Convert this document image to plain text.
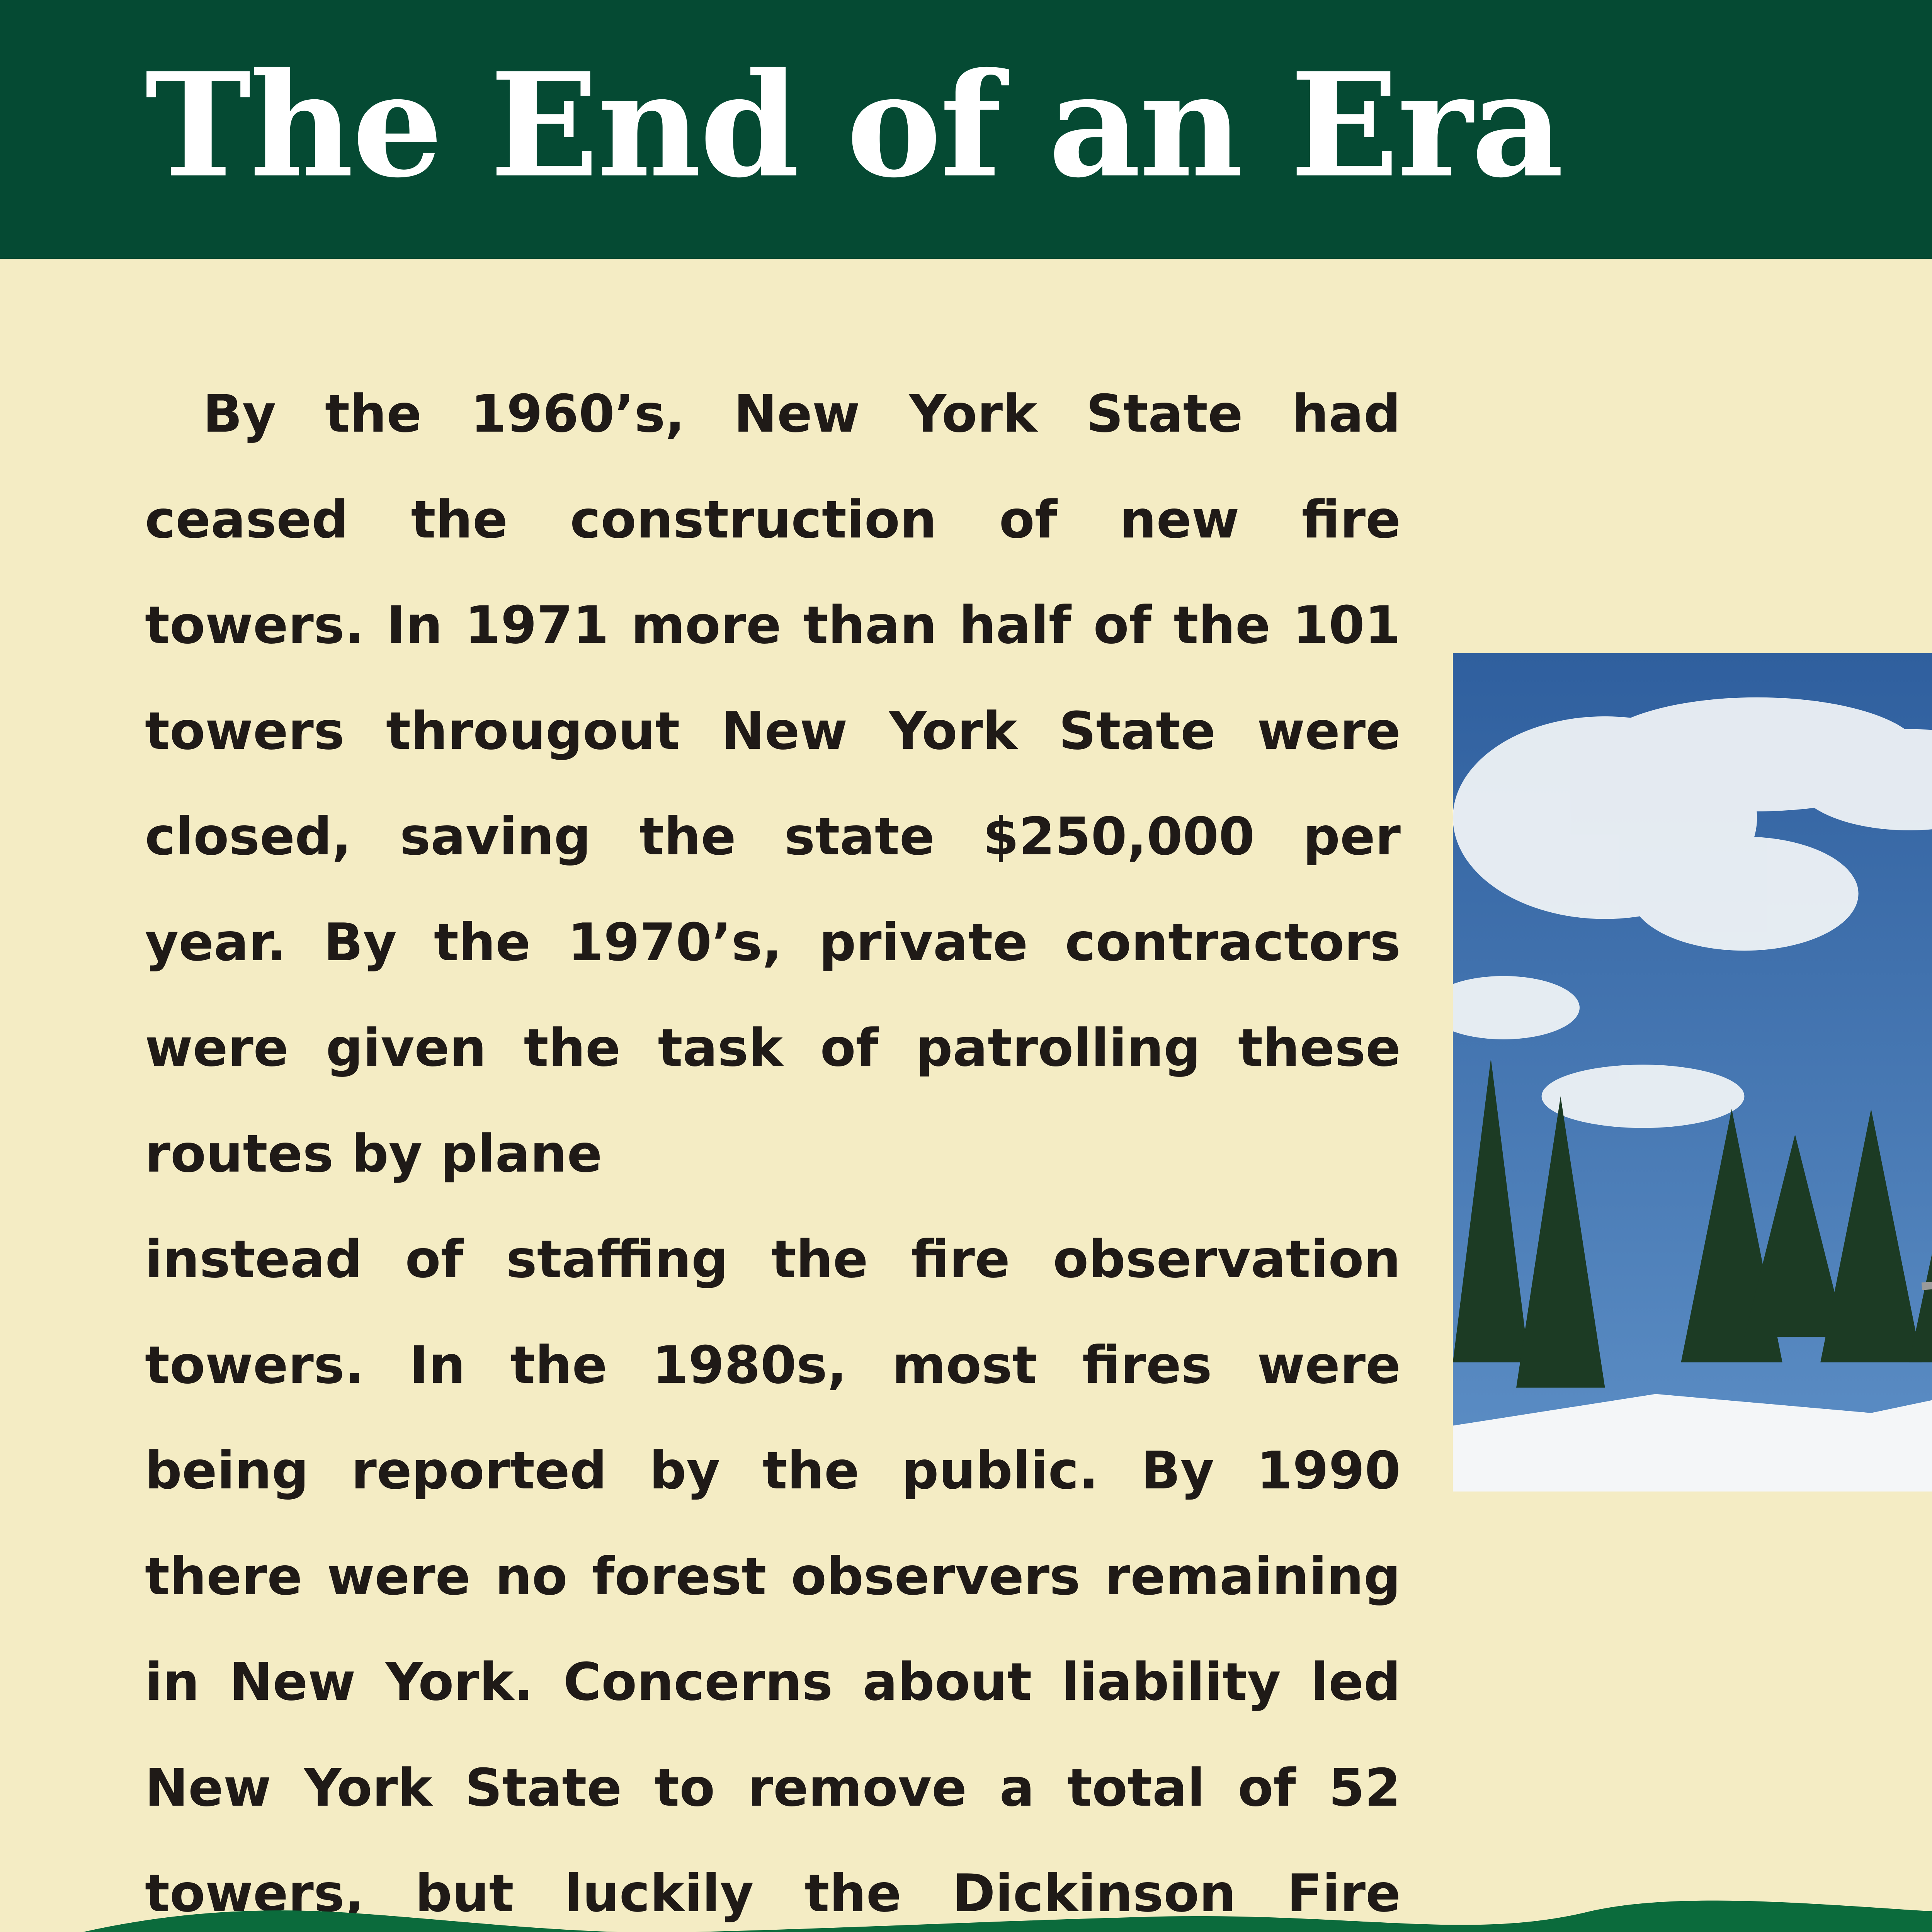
The End of an Era

By the 1960’s, New York State had ceased the construction of new fire towers. In 1971 more than half of the 101 towers througout New York State were closed, saving the state $250,000 per year. By the 1970’s, private contractors were given the task of patrolling these routes by plane

instead of staffing the fire observation towers. In the 1980s, most fires were being reported by the public. By 1990 there were no forest observers remaining in New York. Concerns about liability led New York State to remove a total of 52 towers, but luckily the Dickinson Fire
